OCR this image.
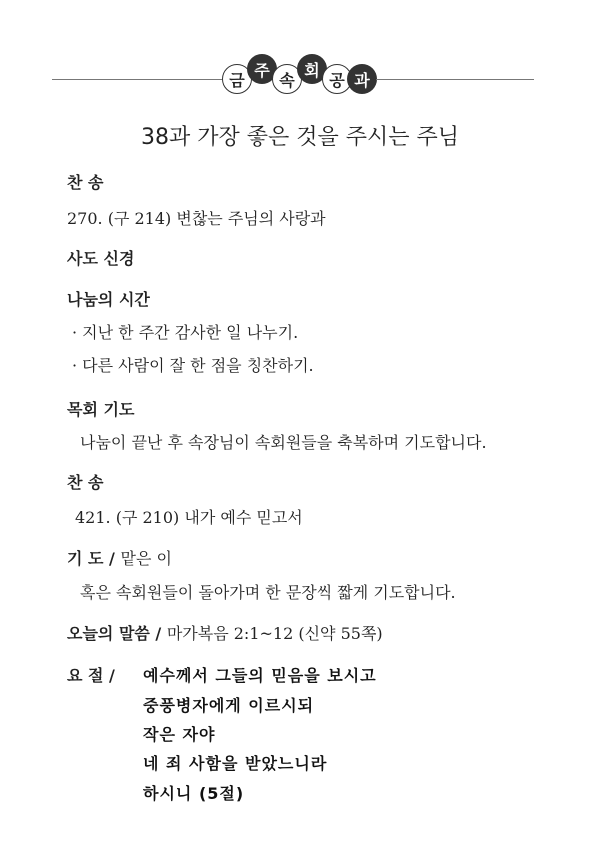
금
주
속
회
공 과
38과 가장 좋은 것을 주시는 주님
찬 송
270. (구 214) 변찮는 주님의 사랑과
사도 신경
나눔의 시간
· 지난 한 주간 감사한 일 나누기.
· 다른 사람이 잘 한 점을 칭찬하기.
목회 기도
나눔이 끝난 후 속장님이 속회원들을 축복하며 기도합니다.
찬 송
421. (구 210) 내가 예수 믿고서
기 도 / 맡은 이
혹은 속회원들이 돌아가며 한 문장씩 짧게 기도합니다.
오늘의 말씀 / 마가복음 2:1~12 (신약 55쪽)
요 절 / 예수께서 그들의 믿음을 보시고
중풍병자에게 이르시되
작은 자야
네 죄 사함을 받았느니라
하시니 (5절)
